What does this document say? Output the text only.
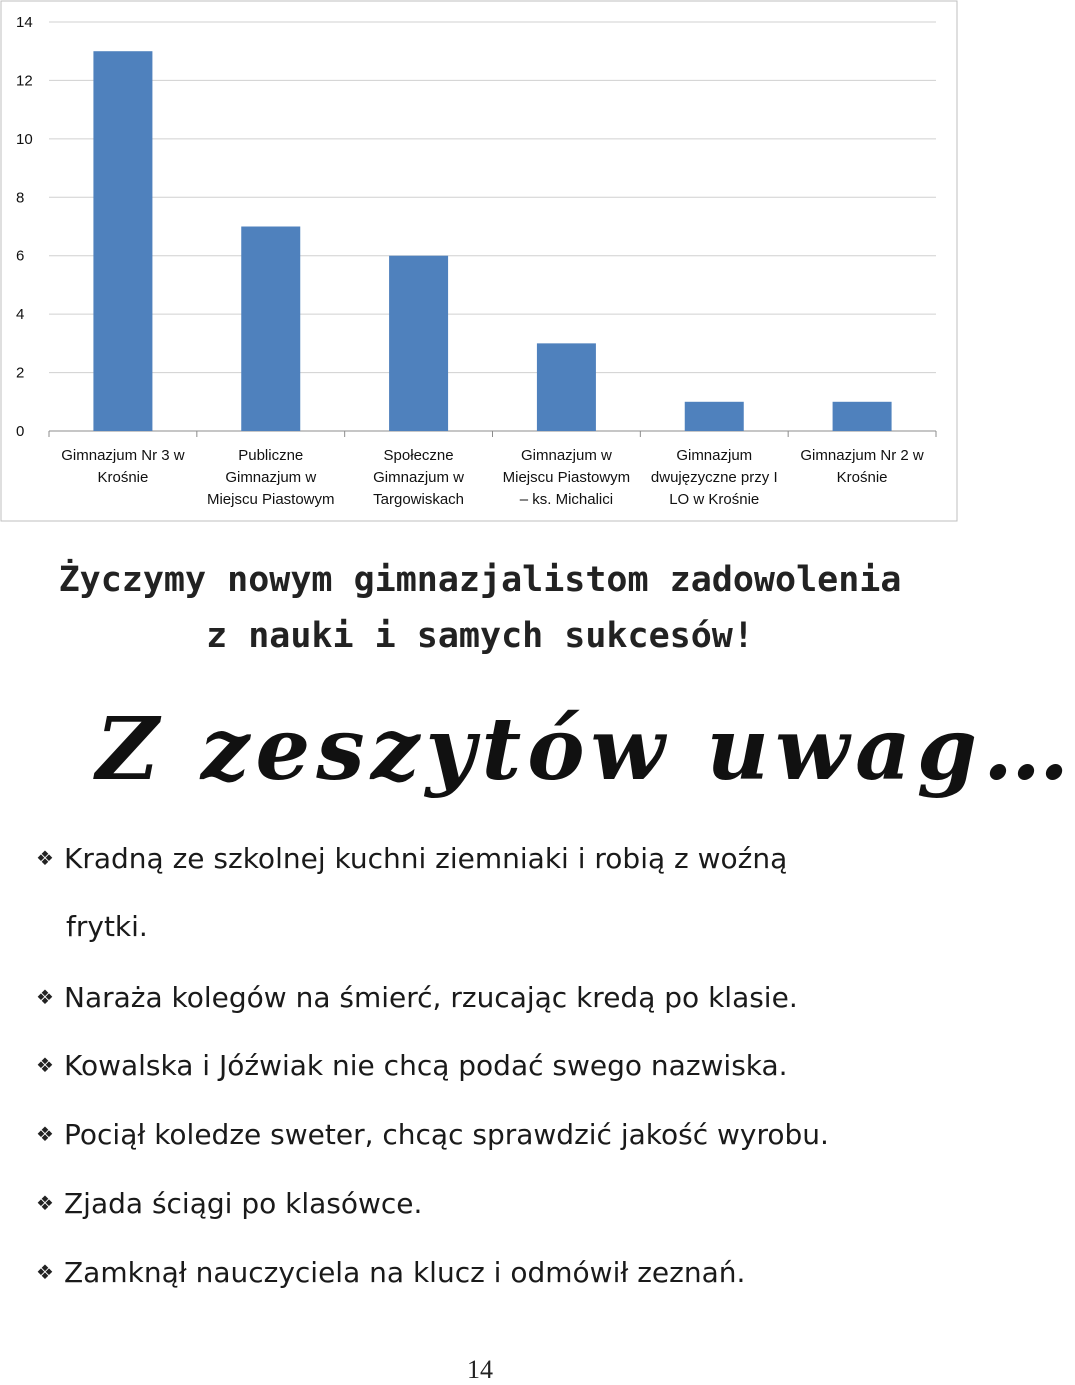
0
2
4
6
8
10
12
14
Gimnazjum Nr 3 w Krośnie
Publiczne Gimnazjum w Miejscu Piastowym
Społeczne Gimnazjum w Targowiskach
Gimnazjum w Miejscu Piastowym – ks. Michalici
Gimnazjum dwujęzyczne przy I LO w Krośnie
Gimnazjum Nr 2 w Krośnie
Życzymy nowym gimnazjalistom zadowolenia
z nauki i samych sukcesów!
Z zeszytów uwag…
❖ Kradną ze szkolnej kuchni ziemniaki i robią z woźną
frytki.
❖ Naraża kolegów na śmierć, rzucając kredą po klasie.
❖ Kowalska i Jóźwiak nie chcą podać swego nazwiska.
❖ Pociął koledze sweter, chcąc sprawdzić jakość wyrobu.
❖ Zjada ściągi po klasówce.
❖ Zamknął nauczyciela na klucz i odmówił zeznań.
14
